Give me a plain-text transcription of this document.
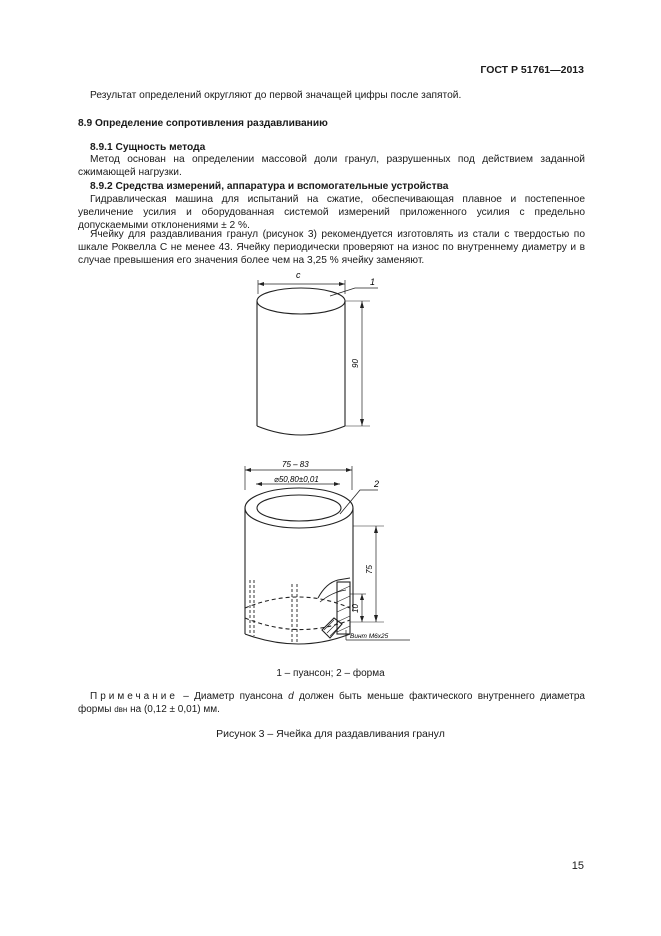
ГОСТ Р 51761—2013

Результат определений округляют до первой значащей цифры после запятой.

8.9 Определение сопротивления раздавливанию

8.9.1 Сущность метода

Метод основан на определении массовой доли гранул, разрушенных под действием заданной сжимающей нагрузки.

8.9.2 Средства измерений, аппаратура и вспомогательные устройства

Гидравлическая машина для испытаний на сжатие, обеспечивающая плавное и постепенное увеличение усилия и оборудованная системой измерений приложенного усилия с предельно допускаемыми отклонениями ± 2 %.

Ячейку для раздавливания гранул (рисунок 3) рекомендуется изготовлять из стали с твердостью по шкале Роквелла С не менее 43. Ячейку периодически проверяют на износ по внутреннему диаметру и в случае превышения его значения более чем на 3,25 % ячейку заменяют.

c
1
90
75 – 83
⌀50,80±0,01	2
75
10
Винт М6х25
1 – пуансон; 2 – форма

Примечание – Диаметр пуансона d должен быть меньше фактического внутреннего диаметра формы dвн на (0,12 ± 0,01) мм.

Рисунок 3 – Ячейка для раздавливания гранул
15
